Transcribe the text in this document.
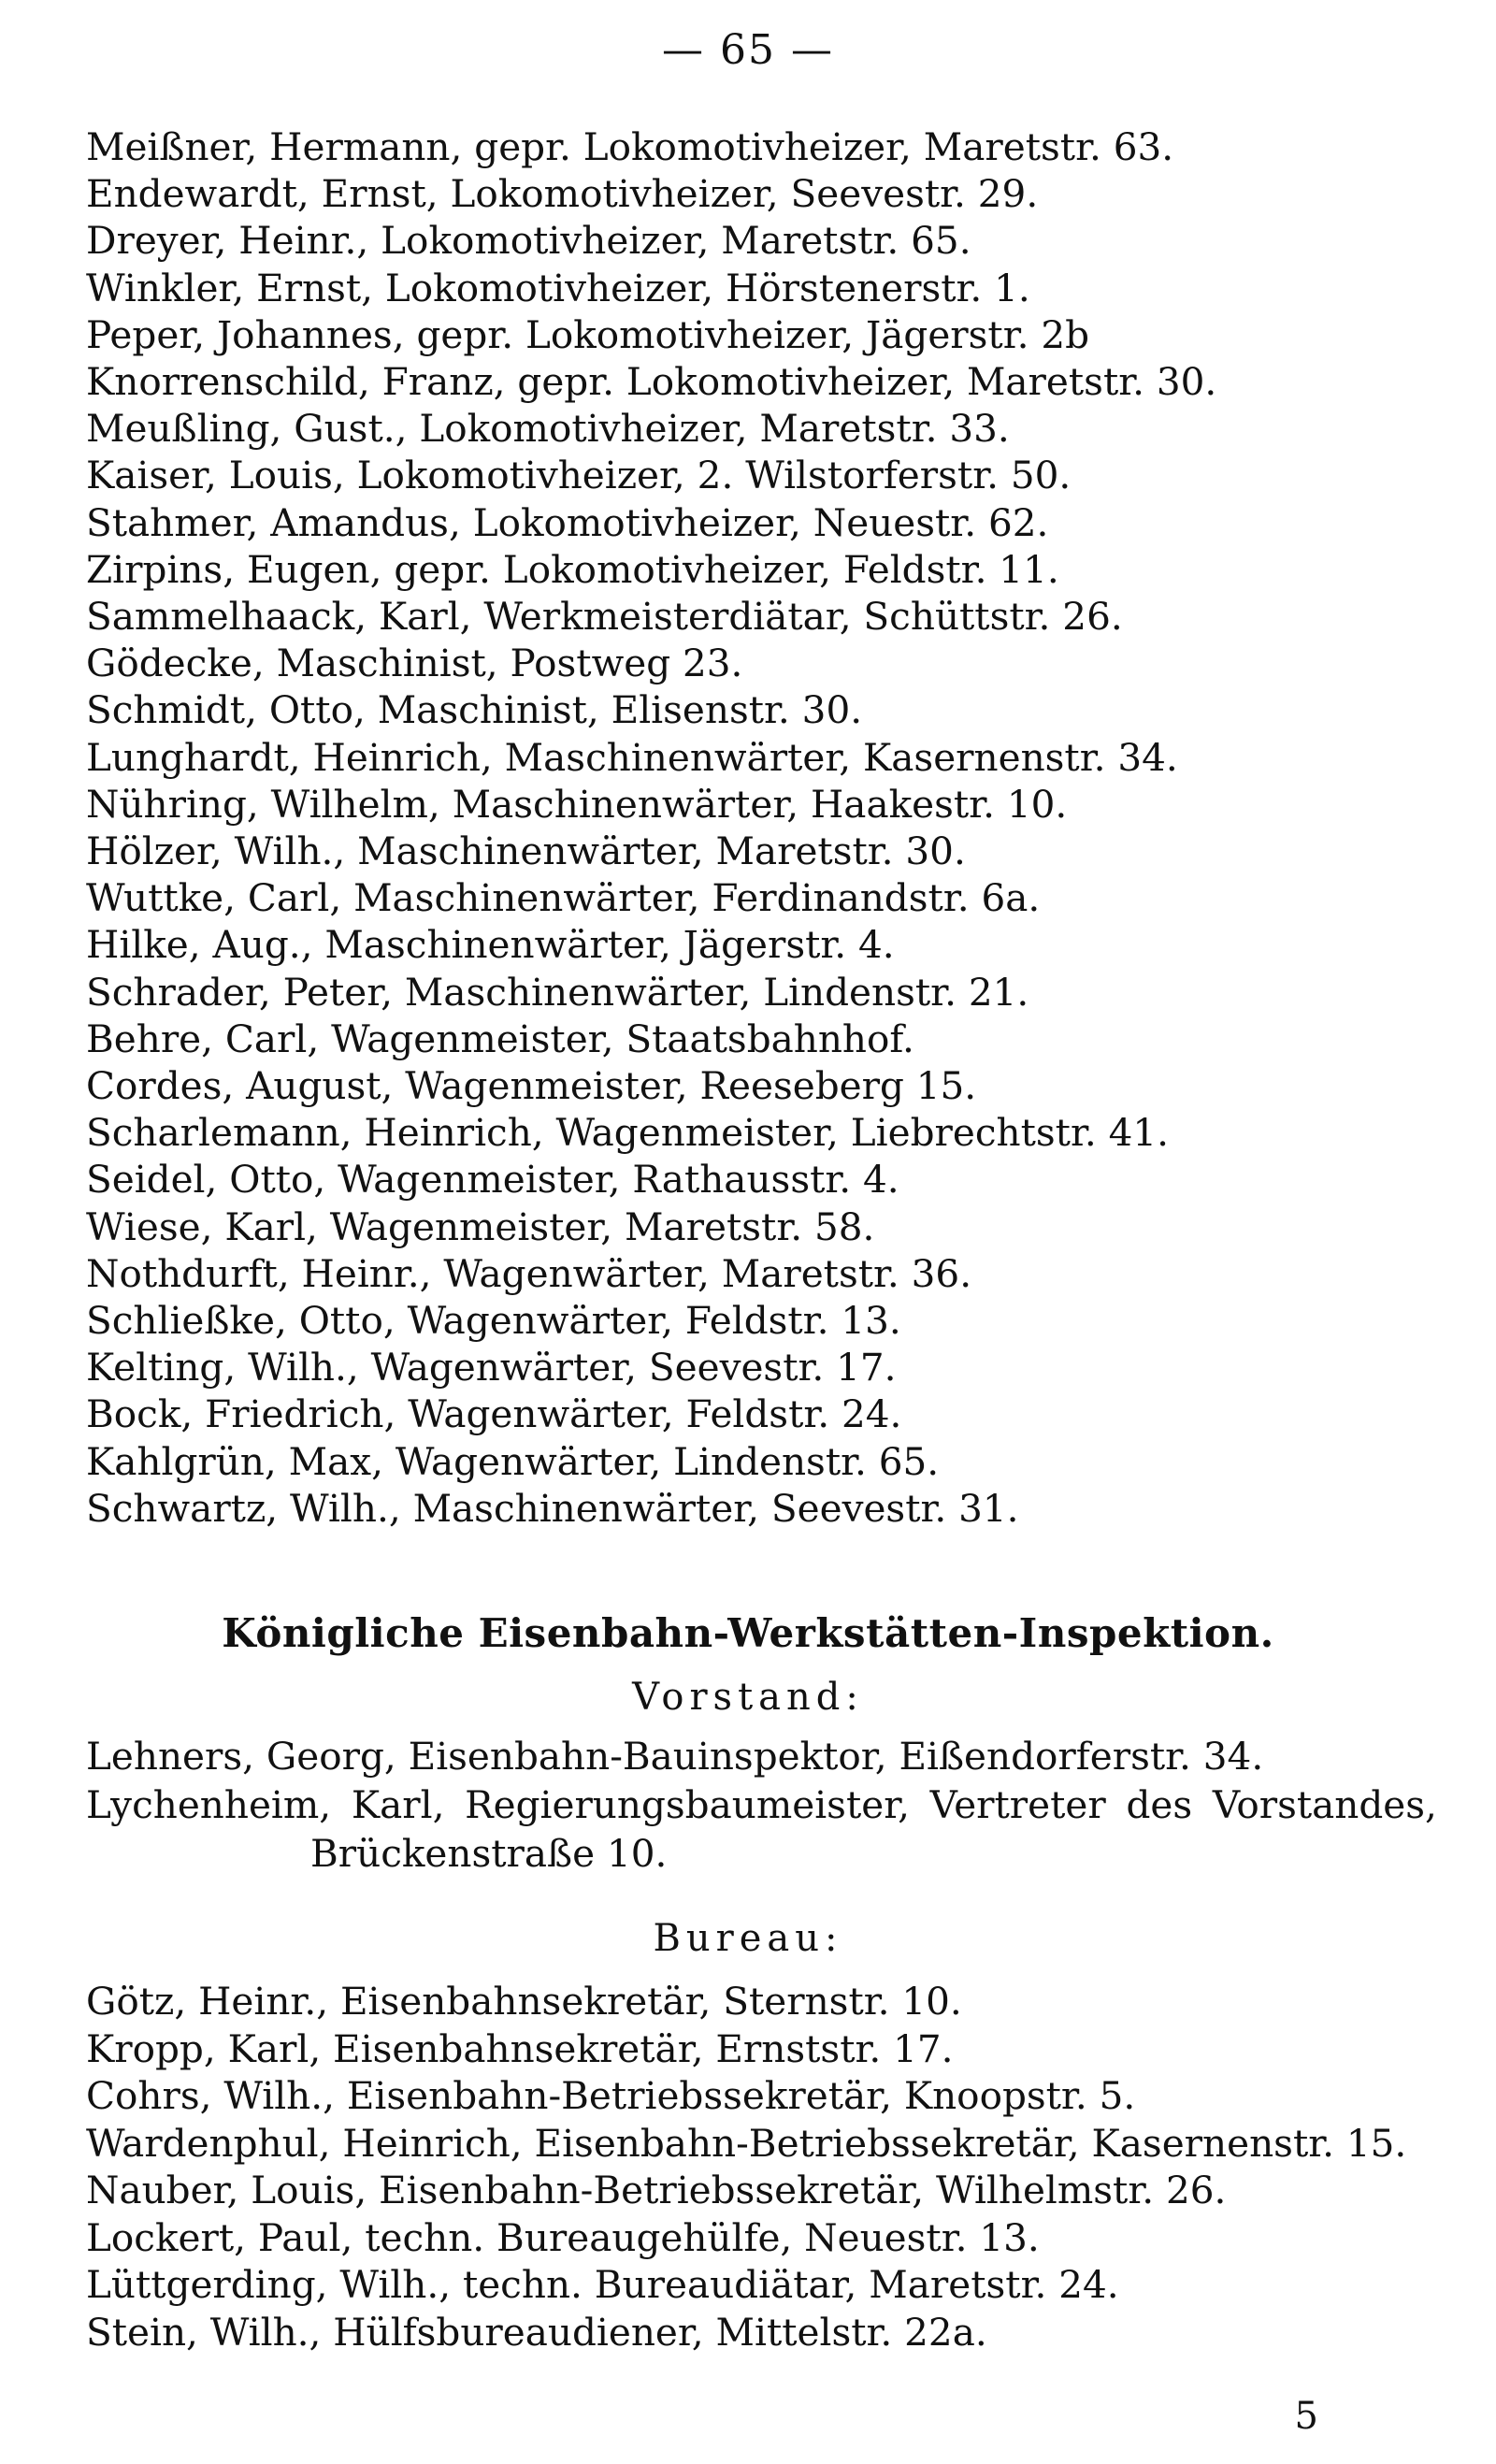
— 65 —
Meißner, Hermann, gepr. Lokomotivheizer, Maretstr. 63.
Endewardt, Ernst, Lokomotivheizer, Seevestr. 29.
Dreyer, Heinr., Lokomotivheizer, Maretstr. 65.
Winkler, Ernst, Lokomotivheizer, Hörstenerstr. 1.
Peper, Johannes, gepr. Lokomotivheizer, Jägerstr. 2b
Knorrenschild, Franz, gepr. Lokomotivheizer, Maretstr. 30.
Meußling, Gust., Lokomotivheizer, Maretstr. 33.
Kaiser, Louis, Lokomotivheizer, 2. Wilstorferstr. 50.
Stahmer, Amandus, Lokomotivheizer, Neuestr. 62.
Zirpins, Eugen, gepr. Lokomotivheizer, Feldstr. 11.
Sammelhaack, Karl, Werkmeisterdiätar, Schüttstr. 26.
Gödecke, Maschinist, Postweg 23.
Schmidt, Otto, Maschinist, Elisenstr. 30.
Lunghardt, Heinrich, Maschinenwärter, Kasernenstr. 34.
Nühring, Wilhelm, Maschinenwärter, Haakestr. 10.
Hölzer, Wilh., Maschinenwärter, Maretstr. 30.
Wuttke, Carl, Maschinenwärter, Ferdinandstr. 6a.
Hilke, Aug., Maschinenwärter, Jägerstr. 4.
Schrader, Peter, Maschinenwärter, Lindenstr. 21.
Behre, Carl, Wagenmeister, Staatsbahnhof.
Cordes, August, Wagenmeister, Reeseberg 15.
Scharlemann, Heinrich, Wagenmeister, Liebrechtstr. 41.
Seidel, Otto, Wagenmeister, Rathausstr. 4.
Wiese, Karl, Wagenmeister, Maretstr. 58.
Nothdurft, Heinr., Wagenwärter, Maretstr. 36.
Schließke, Otto, Wagenwärter, Feldstr. 13.
Kelting, Wilh., Wagenwärter, Seevestr. 17.
Bock, Friedrich, Wagenwärter, Feldstr. 24.
Kahlgrün, Max, Wagenwärter, Lindenstr. 65.
Schwartz, Wilh., Maschinenwärter, Seevestr. 31.
Königliche Eisenbahn-Werkstätten-Inspektion.
Vorstand:
Lehners, Georg, Eisenbahn-Bauinspektor, Eißendorferstr. 34.
Lychenheim, Karl, Regierungsbaumeister, Vertreter des Vorstandes,
Brückenstraße 10.
Bureau:
Götz, Heinr., Eisenbahnsekretär, Sternstr. 10.
Kropp, Karl, Eisenbahnsekretär, Ernststr. 17.
Cohrs, Wilh., Eisenbahn-Betriebssekretär, Knoopstr. 5.
Wardenphul, Heinrich, Eisenbahn-Betriebssekretär, Kasernenstr. 15.
Nauber, Louis, Eisenbahn-Betriebssekretär, Wilhelmstr. 26.
Lockert, Paul, techn. Bureaugehülfe, Neuestr. 13.
Lüttgerding, Wilh., techn. Bureaudiätar, Maretstr. 24.
Stein, Wilh., Hülfsbureaudiener, Mittelstr. 22a.
5
